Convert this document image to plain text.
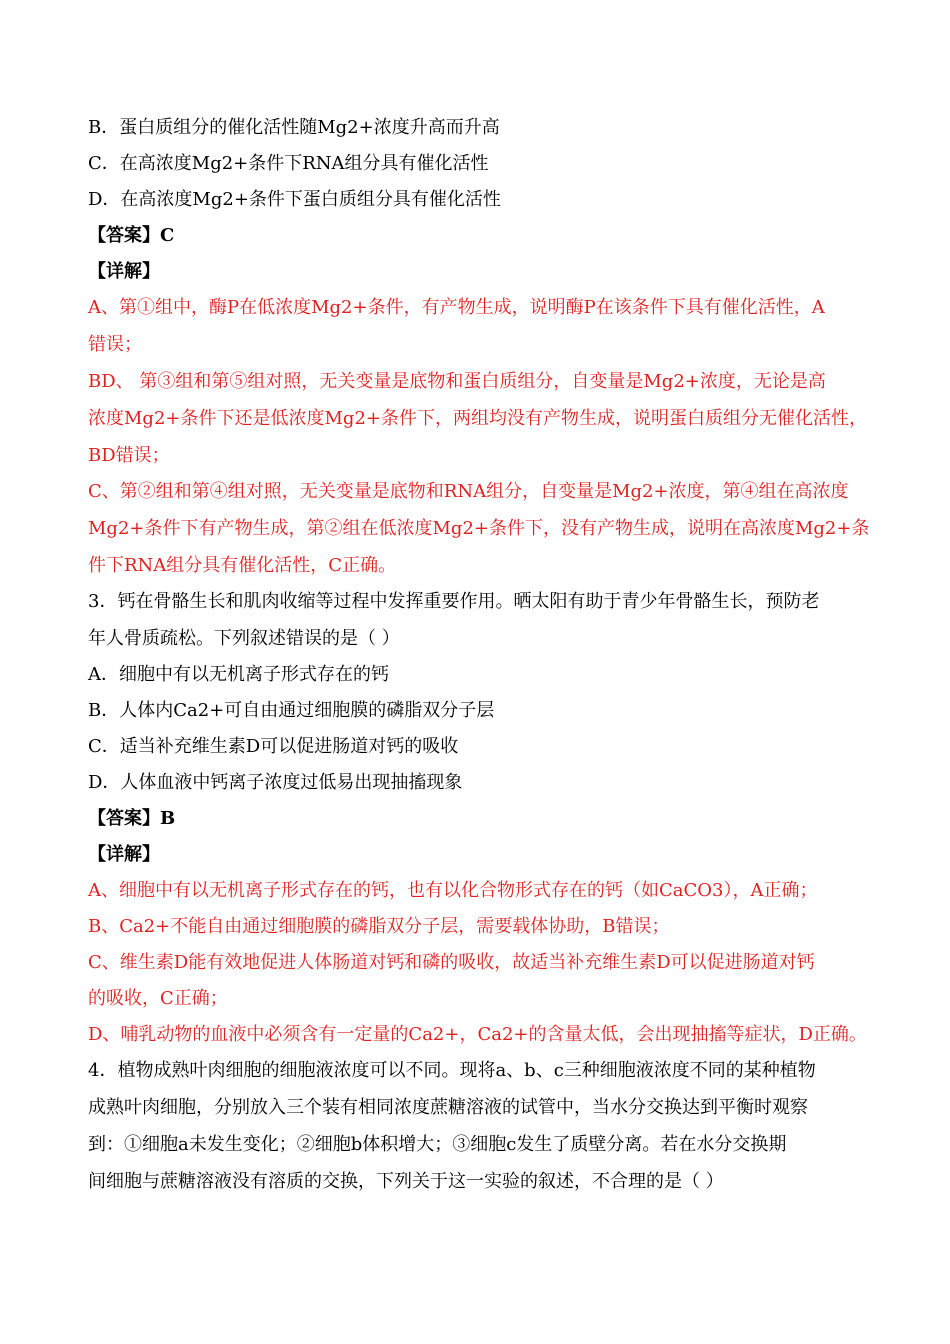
B．蛋白质组分的催化活性随Mg2+浓度升高而升高
C．在高浓度Mg2+条件下RNA组分具有催化活性
D．在高浓度Mg2+条件下蛋白质组分具有催化活性
【答案】C
【详解】
A、第①组中，酶P在低浓度Mg2+条件，有产物生成，说明酶P在该条件下具有催化活性，A
错误；
BD、 第③组和第⑤组对照，无关变量是底物和蛋白质组分，自变量是Mg2+浓度，无论是高
浓度Mg2+条件下还是低浓度Mg2+条件下，两组均没有产物生成，说明蛋白质组分无催化活性，
BD错误；
C、第②组和第④组对照，无关变量是底物和RNA组分，自变量是Mg2+浓度，第④组在高浓度
Mg2+条件下有产物生成，第②组在低浓度Mg2+条件下，没有产物生成，说明在高浓度Mg2+条
件下RNA组分具有催化活性，C正确。
3．钙在骨骼生长和肌肉收缩等过程中发挥重要作用。晒太阳有助于青少年骨骼生长，预防老
年人骨质疏松。下列叙述错误的是（ ）
A．细胞中有以无机离子形式存在的钙
B．人体内Ca2+可自由通过细胞膜的磷脂双分子层
C．适当补充维生素D可以促进肠道对钙的吸收
D．人体血液中钙离子浓度过低易出现抽搐现象
【答案】B
【详解】
A、细胞中有以无机离子形式存在的钙，也有以化合物形式存在的钙（如CaCO3），A正确；
B、Ca2+不能自由通过细胞膜的磷脂双分子层，需要载体协助，B错误；
C、维生素D能有效地促进人体肠道对钙和磷的吸收，故适当补充维生素D可以促进肠道对钙
的吸收，C正确；
D、哺乳动物的血液中必须含有一定量的Ca2+，Ca2+的含量太低，会出现抽搐等症状，D正确。
4．植物成熟叶肉细胞的细胞液浓度可以不同。现将a、b、c三种细胞液浓度不同的某种植物
成熟叶肉细胞，分别放入三个装有相同浓度蔗糖溶液的试管中，当水分交换达到平衡时观察
到：①细胞a未发生变化；②细胞b体积增大；③细胞c发生了质壁分离。若在水分交换期
间细胞与蔗糖溶液没有溶质的交换，下列关于这一实验的叙述，不合理的是（ ）
